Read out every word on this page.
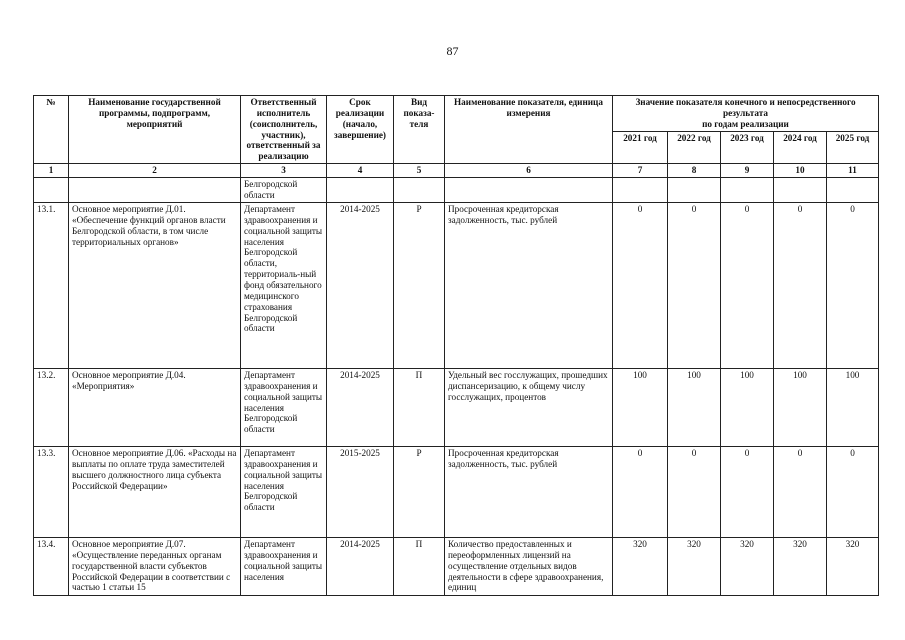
87
№	Наименование государственной программы, подпрограмм, мероприятий	Ответственный исполнитель (соисполнитель, участник), ответственный за реализацию	Срок реализации (начало, завершение)	Вид показа-теля	Наименование показателя, единица измерения	Значение показателя конечного и непосредственного результата
по годам реализации				

						2021 год	2022 год	2023 год	2024 год	2025 год
1	2	3	4	5	6	7	8	9	10	11
		Белгородской области								
13.1.	Основное мероприятие Д.01. «Обеспечение функций органов власти Белгородской области, в том числе территориальных органов»	Департамент здравоохранения и социальной защиты населения Белгородской области, территориаль-ный фонд обязательного медицинского страхования Белгородской области	2014-2025	Р	Просроченная кредиторская задолженность, тыс. рублей	0	0	0	0	0
13.2.	Основное мероприятие Д.04. «Мероприятия»	Департамент здравоохранения и социальной защиты населения Белгородской области	2014-2025	П	Удельный вес госслужащих, прошедших диспансеризацию, к общему числу госслужащих, процентов	100	100	100	100	100
13.3.	Основное мероприятие Д.06. «Расходы на выплаты по оплате труда заместителей высшего должностного лица субъекта Российской Федерации»	Департамент здравоохранения и социальной защиты населения Белгородской области	2015-2025	Р	Просроченная кредиторская задолженность, тыс. рублей	0	0	0	0	0
13.4.	Основное мероприятие Д.07. «Осуществление переданных органам государственной власти субъектов Российской Федерации в соответствии с частью 1 статьи 15	Департамент здравоохранения и социальной защиты населения	2014-2025	П	Количество предоставленных и переоформленных лицензий на осуществление отдельных видов деятельности в сфере здравоохранения, единиц	320	320	320	320	320
